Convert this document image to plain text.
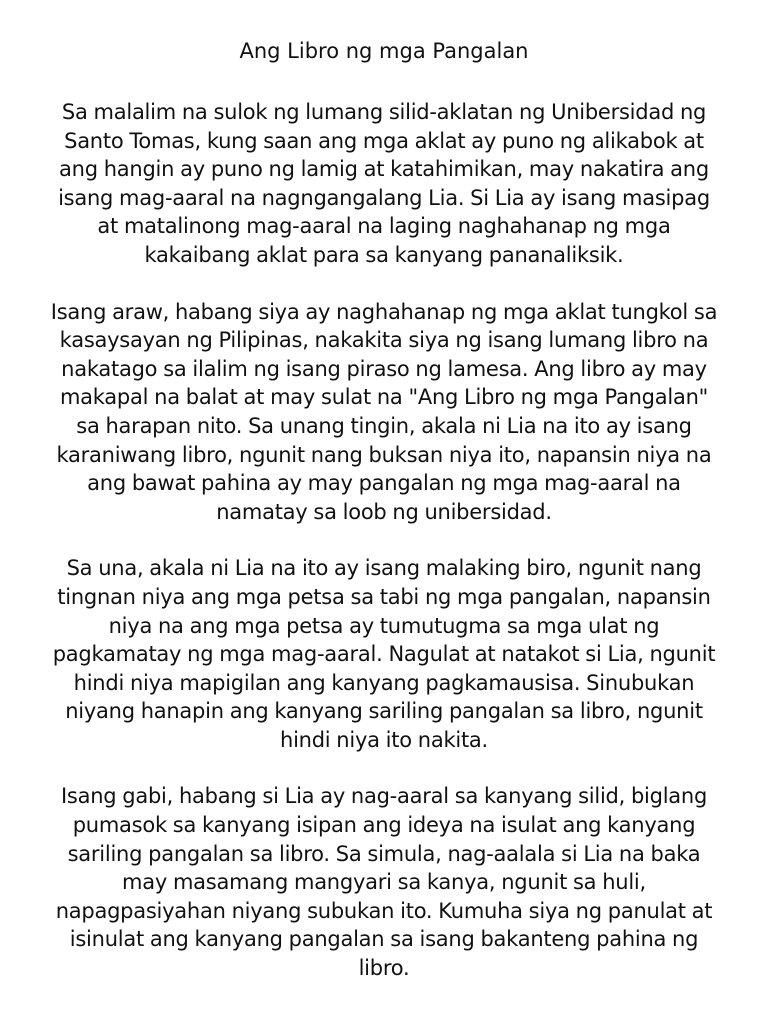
Ang Libro ng mga Pangalan

Sa malalim na sulok ng lumang silid-aklatan ng Unibersidad ng
Santo Tomas, kung saan ang mga aklat ay puno ng alikabok at
ang hangin ay puno ng lamig at katahimikan, may nakatira ang
isang mag-aaral na nagngangalang Lia. Si Lia ay isang masipag
at matalinong mag-aaral na laging naghahanap ng mga
kakaibang aklat para sa kanyang pananaliksik.

Isang araw, habang siya ay naghahanap ng mga aklat tungkol sa
kasaysayan ng Pilipinas, nakakita siya ng isang lumang libro na
nakatago sa ilalim ng isang piraso ng lamesa. Ang libro ay may
makapal na balat at may sulat na "Ang Libro ng mga Pangalan"
sa harapan nito. Sa unang tingin, akala ni Lia na ito ay isang
karaniwang libro, ngunit nang buksan niya ito, napansin niya na
ang bawat pahina ay may pangalan ng mga mag-aaral na
namatay sa loob ng unibersidad.

Sa una, akala ni Lia na ito ay isang malaking biro, ngunit nang
tingnan niya ang mga petsa sa tabi ng mga pangalan, napansin
niya na ang mga petsa ay tumutugma sa mga ulat ng
pagkamatay ng mga mag-aaral. Nagulat at natakot si Lia, ngunit
hindi niya mapigilan ang kanyang pagkamausisa. Sinubukan
niyang hanapin ang kanyang sariling pangalan sa libro, ngunit
hindi niya ito nakita.

Isang gabi, habang si Lia ay nag-aaral sa kanyang silid, biglang
pumasok sa kanyang isipan ang ideya na isulat ang kanyang
sariling pangalan sa libro. Sa simula, nag-aalala si Lia na baka
may masamang mangyari sa kanya, ngunit sa huli,
napagpasiyahan niyang subukan ito. Kumuha siya ng panulat at
isinulat ang kanyang pangalan sa isang bakanteng pahina ng
libro.
